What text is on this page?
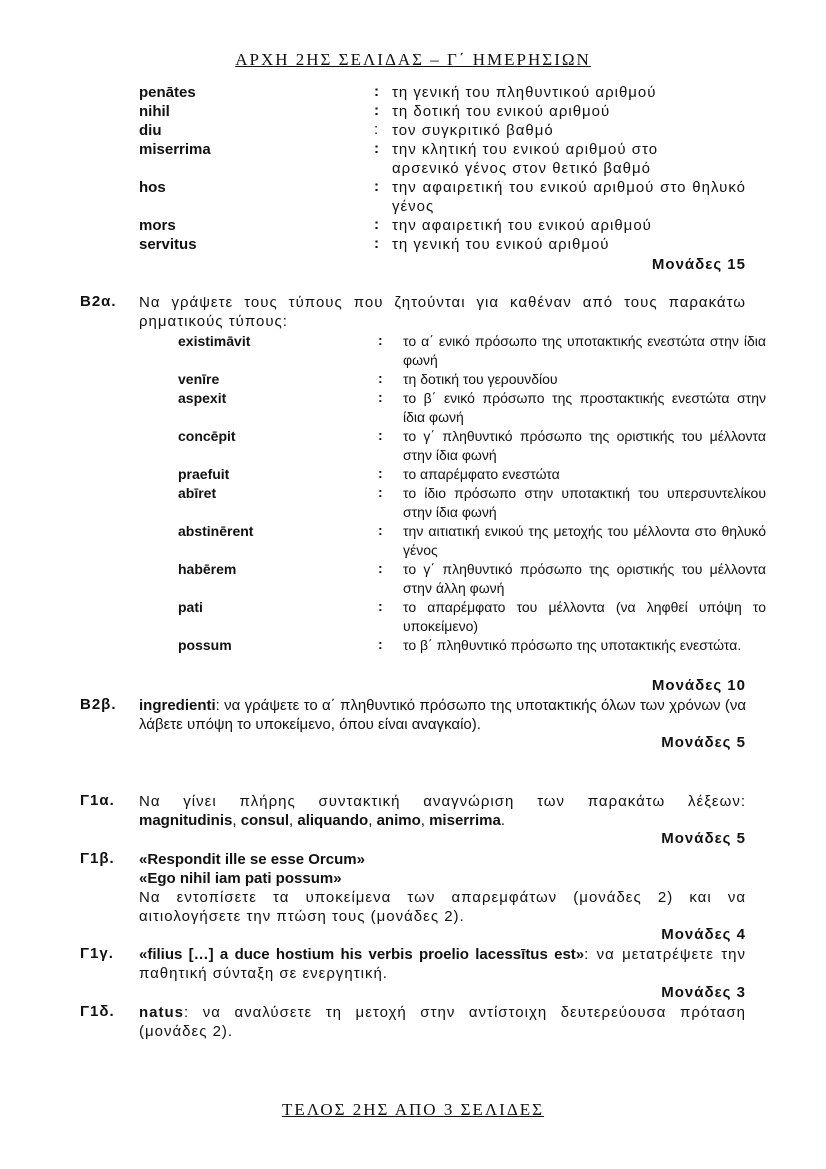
ΑΡΧΗ 2ΗΣ ΣΕΛΙΔΑΣ – Γ΄ ΗΜΕΡΗΣΙΩΝ
penātes	: τη γενική του πληθυντικού αριθμού
nihil	: τη δοτική του ενικού αριθμού
diu	: τον συγκριτικό βαθμό
miserrima	: την κλητική του ενικού αριθμού στο αρσενικό γένος στον θετικό βαθμό
hos	: την αφαιρετική του ενικού αριθμού στο θηλυκό γένος
mors	: την αφαιρετική του ενικού αριθμού
servitus	: τη γενική του ενικού αριθμού
Μονάδες 15
Β2α. Να γράψετε τους τύπους που ζητούνται για καθέναν από τους παρακάτω ρηματικούς τύπους:
existimāvit	: το α΄ ενικό πρόσωπο της υποτακτικής ενεστώτα στην ίδια φωνή
venīre	: τη δοτική του γερουνδίου
aspexit	: το β΄ ενικό πρόσωπο της προστακτικής ενεστώτα στην ίδια φωνή
concēpit	: το γ΄ πληθυντικό πρόσωπο της οριστικής του μέλλοντα στην ίδια φωνή
praefuit	: το απαρέμφατο ενεστώτα
abīret	: το ίδιο πρόσωπο στην υποτακτική του υπερσυντελίκου στην ίδια φωνή
abstinērent	: την αιτιατική ενικού της μετοχής του μέλλοντα στο θηλυκό γένος
habērem	: το γ΄ πληθυντικό πρόσωπο της οριστικής του μέλλοντα στην άλλη φωνή
pati	: το απαρέμφατο του μέλλοντα (να ληφθεί υπόψη το υποκείμενο)
possum	: το β΄ πληθυντικό πρόσωπο της υποτακτικής ενεστώτα.
Μονάδες 10
Β2β. ingredienti: να γράψετε το α΄ πληθυντικό πρόσωπο της υποτακτικής όλων των χρόνων (να λάβετε υπόψη το υποκείμενο, όπου είναι αναγκαίο).
Μονάδες 5
Γ1α. Να γίνει πλήρης συντακτική αναγνώριση των παρακάτω λέξεων:
magnitudinis, consul, aliquando, animo, miserrima.
Μονάδες 5
Γ1β. «Respondit ille se esse Orcum»
«Ego nihil iam pati possum»
Να εντοπίσετε τα υποκείμενα των απαρεμφάτων (μονάδες 2) και να αιτιολογήσετε την πτώση τους (μονάδες 2).
Μονάδες 4
Γ1γ. «filius […] a duce hostium his verbis proelio lacessītus est»: να μετατρέψετε την παθητική σύνταξη σε ενεργητική.
Μονάδες 3
Γ1δ. natus: να αναλύσετε τη μετοχή στην αντίστοιχη δευτερεύουσα πρόταση (μονάδες 2).
ΤΕΛΟΣ 2ΗΣ ΑΠΟ 3 ΣΕΛΙΔΕΣ
